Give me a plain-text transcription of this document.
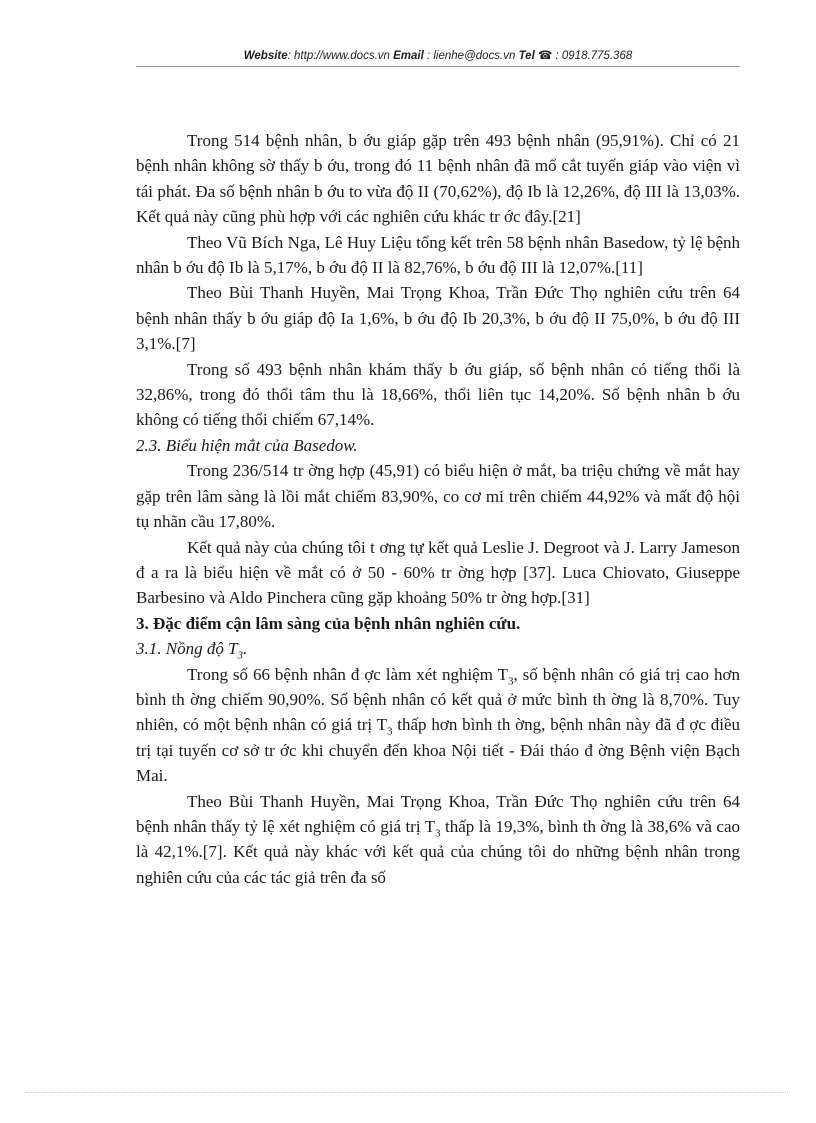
Website: http://www.docs.vn Email : lienhe@docs.vn Tel ☎ : 0918.775.368

Trong 514 bệnh nhân, b ớu giáp gặp trên 493 bệnh nhân (95,91%). Chỉ có 21 bệnh nhân không sờ thấy b ớu, trong đó 11 bệnh nhân đã mổ cắt tuyến giáp vào viện vì tái phát. Đa số bệnh nhân b ớu to vừa độ II (70,62%), độ Ib là 12,26%, độ III là 13,03%. Kết quả này cũng phù hợp với các nghiên cứu khác tr ớc đây.[21]

Theo Vũ Bích Nga, Lê Huy Liệu tổng kết trên 58 bệnh nhân Basedow, tỷ lệ bệnh nhân b ớu độ Ib là 5,17%, b ớu độ II là 82,76%, b ớu độ III là 12,07%.[11]

Theo Bùi Thanh Huyền, Mai Trọng Khoa, Trần Đức Thọ nghiên cứu trên 64 bệnh nhân thấy b ớu giáp độ Ia 1,6%, b ớu độ Ib 20,3%, b ớu độ II 75,0%, b ớu độ III 3,1%.[7]

Trong số 493 bệnh nhân khám thấy b ớu giáp, số bệnh nhân có tiếng thổi là 32,86%, trong đó thổi tâm thu là 18,66%, thổi liên tục 14,20%. Số bệnh nhân b ớu không có tiếng thổi chiếm 67,14%.

2.3. Biểu hiện mắt của Basedow.

Trong 236/514 tr ờng hợp (45,91) có biểu hiện ở mắt, ba triệu chứng về mắt hay gặp trên lâm sàng là lồi mắt chiếm 83,90%, co cơ mi trên chiếm 44,92% và mất độ hội tụ nhãn cầu 17,80%.

Kết quả này của chúng tôi t ơng tự kết quả Leslie J. Degroot và J. Larry Jameson đ a ra là biểu hiện về mắt có ở 50 - 60% tr ờng hợp [37]. Luca Chiovato, Giuseppe Barbesino và Aldo Pinchera cũng gặp khoảng 50% tr ờng hợp.[31]

3. Đặc điểm cận lâm sàng của bệnh nhân nghiên cứu.
3.1. Nồng độ $T_3$.

Trong số 66 bệnh nhân đ ợc làm xét nghiệm $T_3$, số bệnh nhân có giá trị cao hơn bình th ờng chiếm 90,90%. Số bệnh nhân có kết quả ở mức bình th ờng là 8,70%. Tuy nhiên, có một bệnh nhân có giá trị $T_3$ thấp hơn bình th ờng, bệnh nhân này đã đ ợc điều trị tại tuyến cơ sở tr ớc khi chuyển đến khoa Nội tiết - Đái tháo đ ờng Bệnh viện Bạch Mai.

Theo Bùi Thanh Huyền, Mai Trọng Khoa, Trần Đức Thọ nghiên cứu trên 64 bệnh nhân thấy tỷ lệ xét nghiệm có giá trị $T_3$ thấp là 19,3%, bình th ờng là 38,6% và cao là 42,1%.[7]. Kết quả này khác với kết quả của chúng tôi do những bệnh nhân trong nghiên cứu của các tác giả trên đa số
